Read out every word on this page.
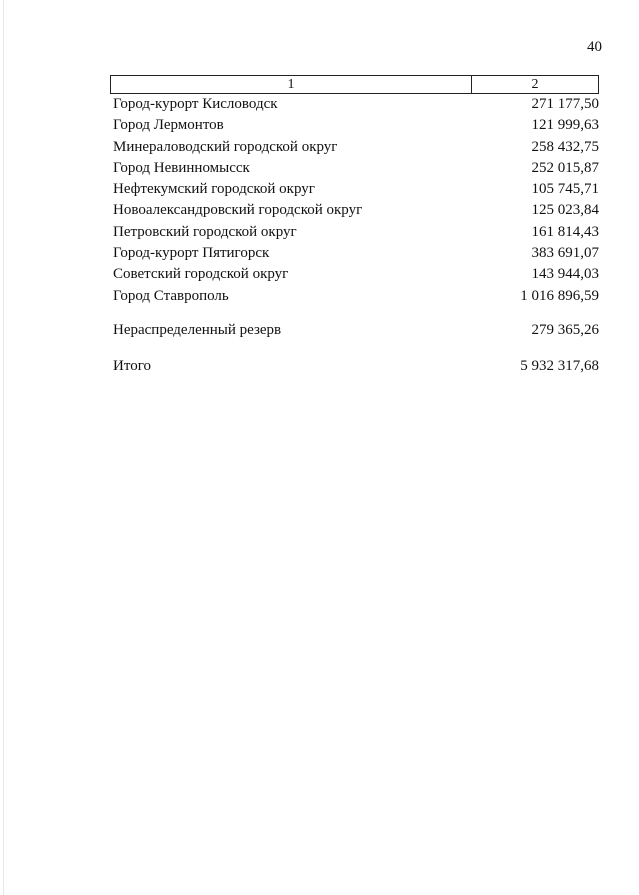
40
1	2
Город-курорт Кисловодск	271 177,50
Город Лермонтов	121 999,63
Минераловодский городской округ	258 432,75
Город Невинномысск	252 015,87
Нефтекумский городской округ	105 745,71
Новоалександровский городской округ	125 023,84
Петровский городской округ	161 814,43
Город-курорт Пятигорск	383 691,07
Советский городской округ	143 944,03
Город Ставрополь	1 016 896,59
Нераспределенный резерв	279 365,26
Итого	5 932 317,68
